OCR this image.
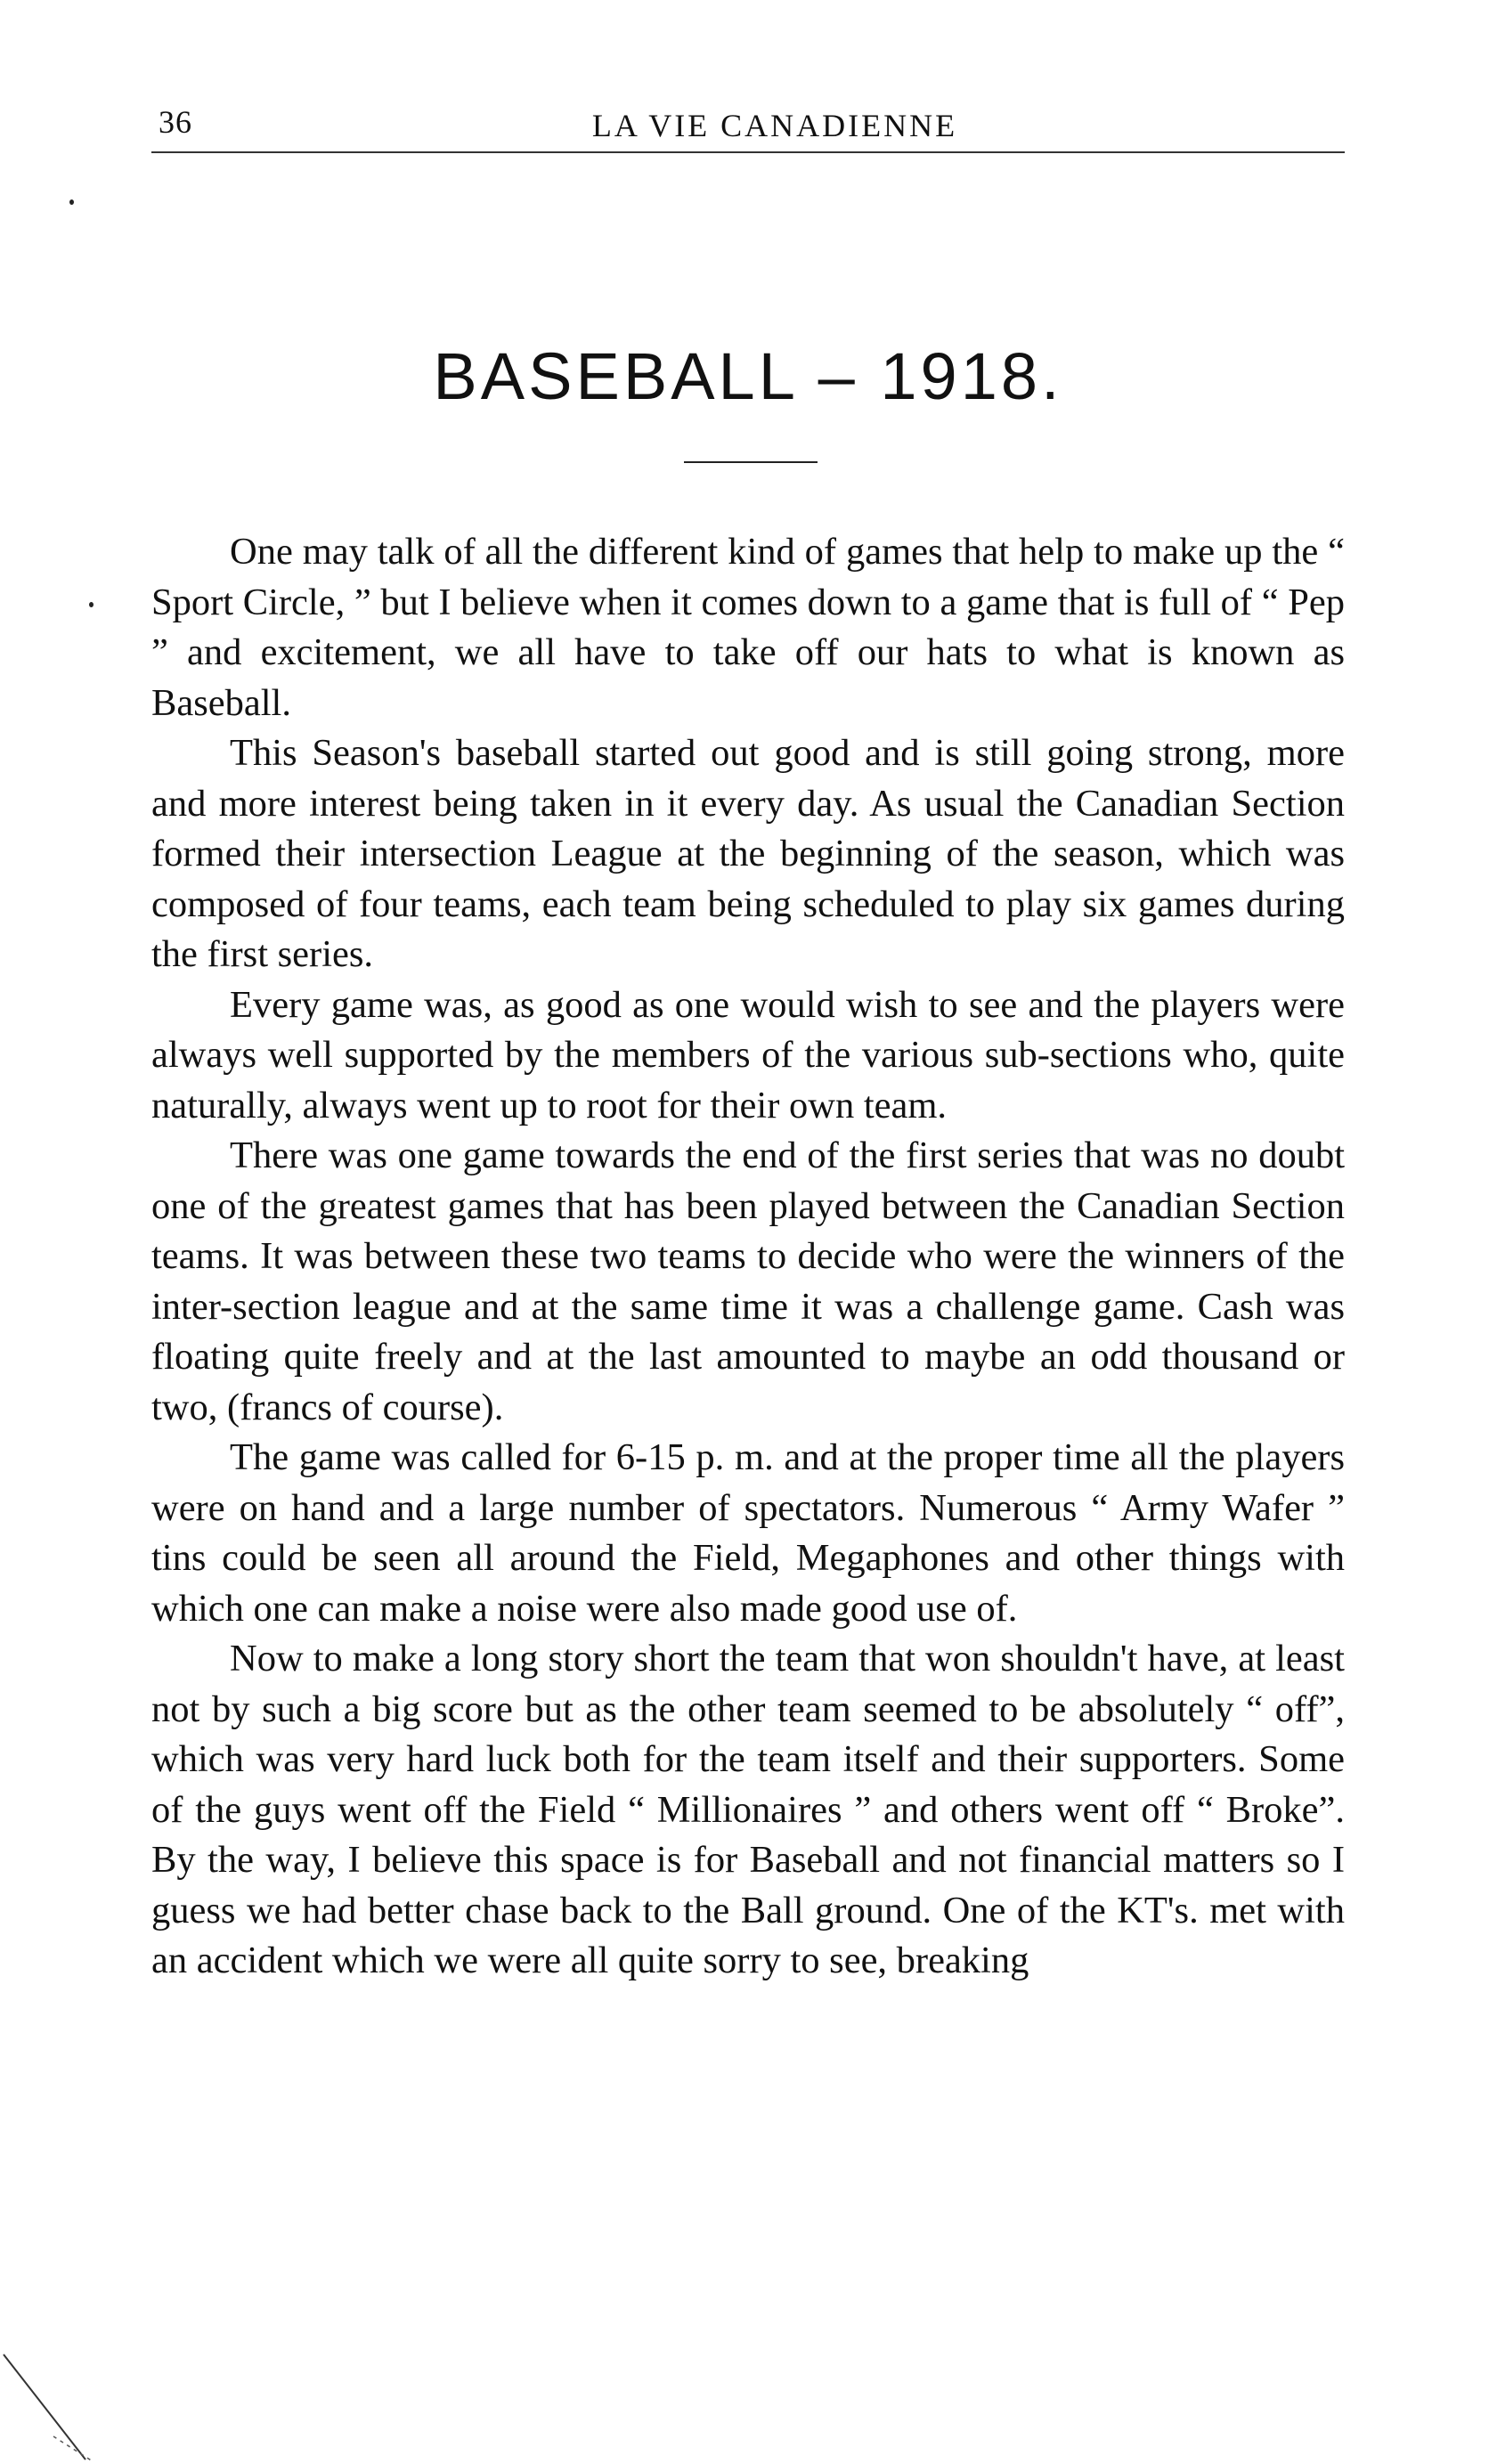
36	LA VIE CANADIENNE
BASEBALL – 1918.

One may talk of all the different kind of games that help to make up the “ Sport Circle, ” but I believe when it comes down to a game that is full of “ Pep ” and excitement, we all have to take off our hats to what is known as Baseball.

This Season's baseball started out good and is still going strong, more and more interest being taken in it every day. As usual the Canadian Section formed their intersection League at the beginning of the season, which was composed of four teams, each team being scheduled to play six games during the first series.

Every game was, as good as one would wish to see and the players were always well supported by the members of the various sub-sections who, quite naturally, always went up to root for their own team.

There was one game towards the end of the first series that was no doubt one of the greatest games that has been played between the Canadian Section teams. It was between these two teams to decide who were the winners of the inter-section league and at the same time it was a challenge game. Cash was floating quite freely and at the last amounted to maybe an odd thousand or two, (francs of course).

The game was called for 6-15 p. m. and at the proper time all the players were on hand and a large number of spectators. Numerous “ Army Wafer ” tins could be seen all around the Field, Megaphones and other things with which one can make a noise were also made good use of.

Now to make a long story short the team that won shouldn't have, at least not by such a big score but as the other team seemed to be absolutely “ off”, which was very hard luck both for the team itself and their supporters. Some of the guys went off the Field “ Millionaires ” and others went off “ Broke”. By the way, I believe this space is for Baseball and not financial matters so I guess we had better chase back to the Ball ground. One of the KT's. met with an accident which we were all quite sorry to see, breaking
